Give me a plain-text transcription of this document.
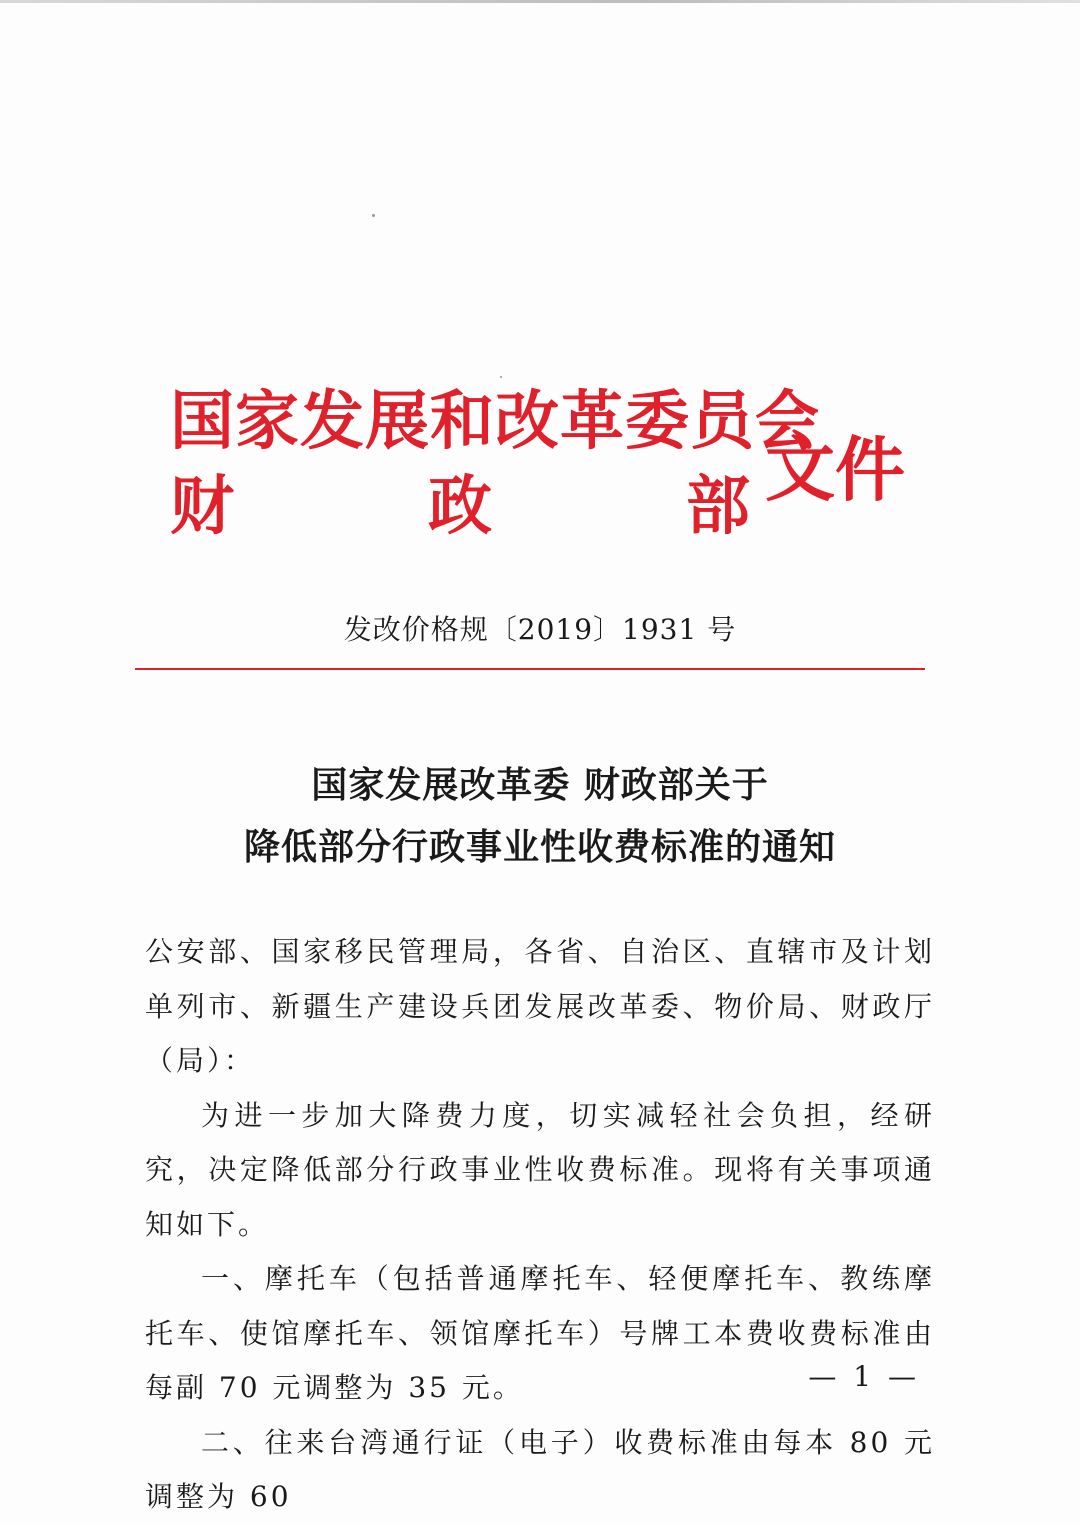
国家发展和改革委员会
财	政	部 文件
发改价格规〔2019〕1931 号
国家发展改革委 财政部关于
降低部分行政事业性收费标准的通知

公安部、国家移民管理局，各省、自治区、直辖市及计划单列市、新疆生产建设兵团发展改革委、物价局、财政厅（局）：

为进一步加大降费力度，切实减轻社会负担，经研究，决定降低部分行政事业性收费标准。现将有关事项通知如下。

一、摩托车（包括普通摩托车、轻便摩托车、教练摩托车、使馆摩托车、领馆摩托车）号牌工本费收费标准由每副 70 元调整为 35 元。

二、往来台湾通行证（电子）收费标准由每本 80 元调整为 60

— 1 —
